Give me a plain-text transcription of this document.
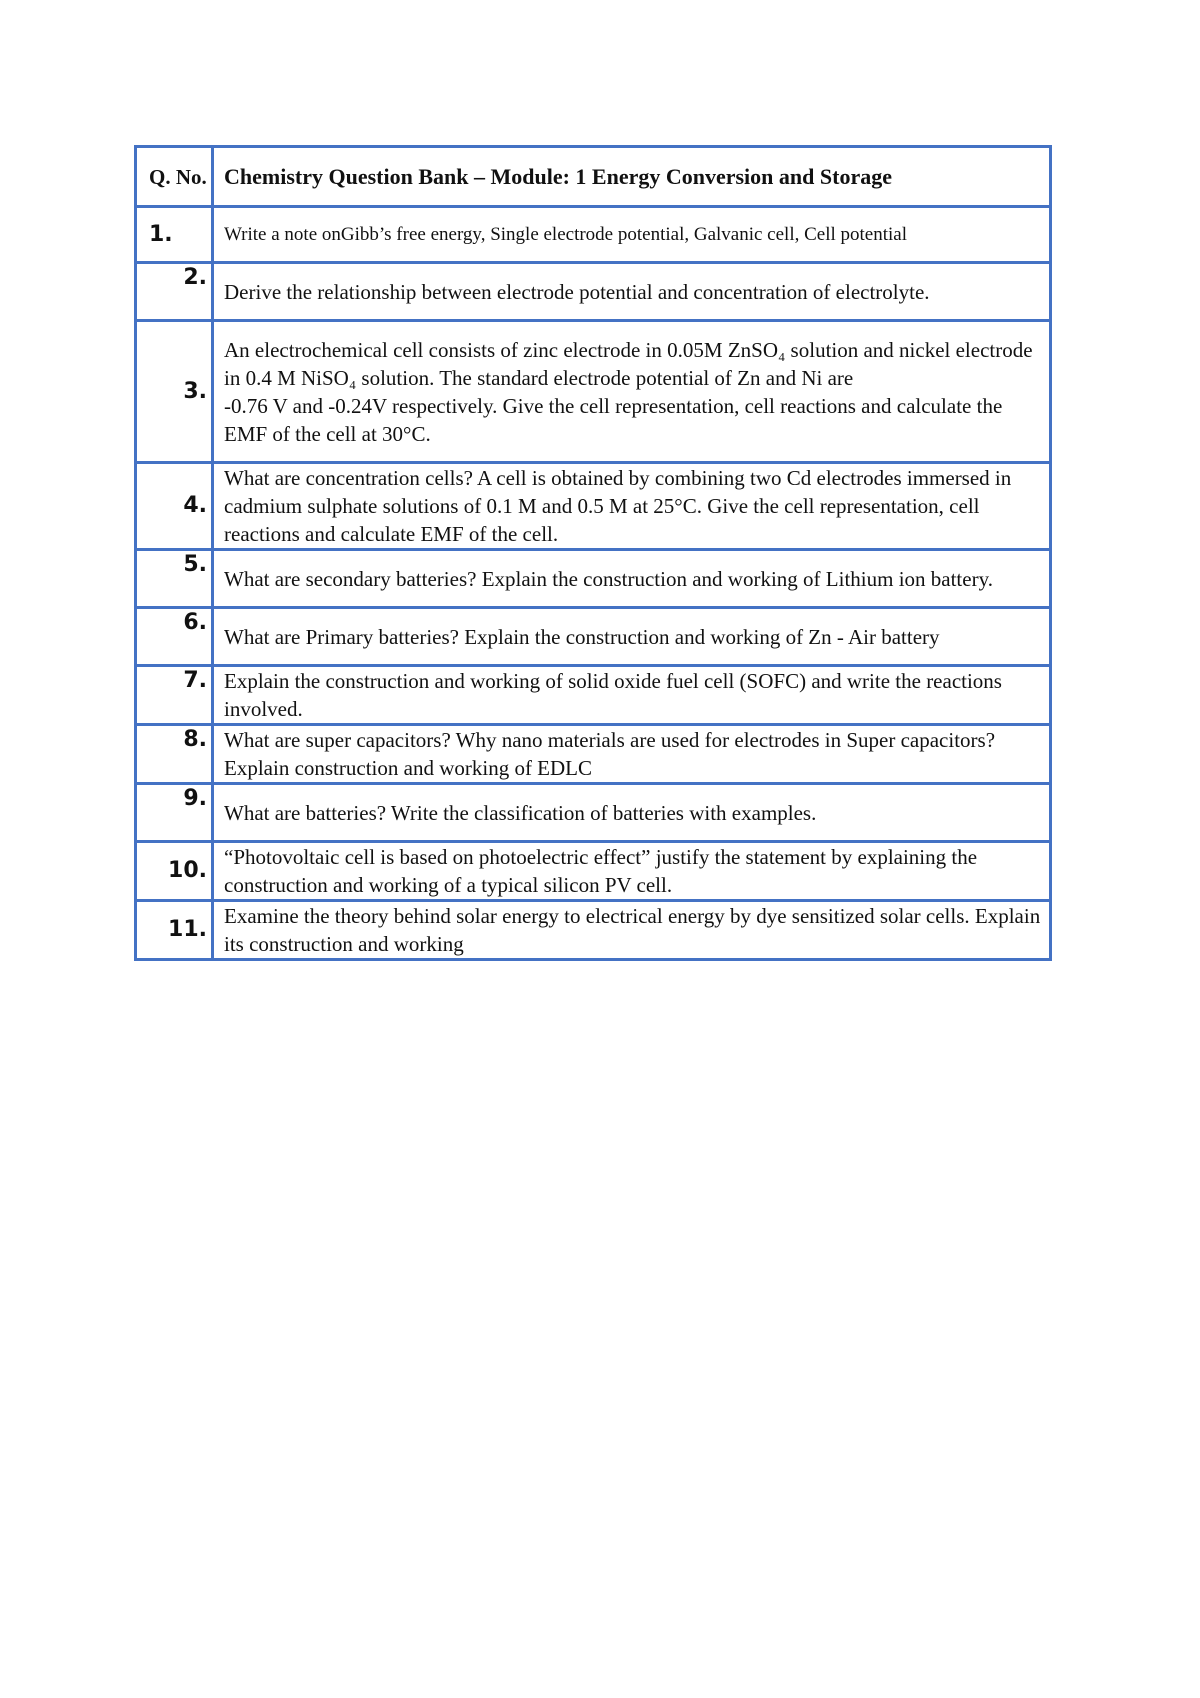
Q. No.	Chemistry Question Bank – Module: 1 Energy Conversion and Storage
1.	Write a note onGibb’s free energy, Single electrode potential, Galvanic cell, Cell potential
2.	Derive the relationship between electrode potential and concentration of electrolyte.
3.	An electrochemical cell consists of zinc electrode in 0.05M ZnSO₄ solution and nickel electrode in 0.4 M NiSO₄ solution. The standard electrode potential of Zn and Ni are
-0.76 V and -0.24V respectively. Give the cell representation, cell reactions and calculate the EMF of the cell at 30°C.

4.	What are concentration cells? A cell is obtained by combining two Cd electrodes immersed in cadmium sulphate solutions of 0.1 M and 0.5 M at 25°C. Give the cell representation, cell reactions and calculate EMF of the cell.
5.	What are secondary batteries? Explain the construction and working of Lithium ion battery.
6.	What are Primary batteries? Explain the construction and working of Zn - Air battery
7.	Explain the construction and working of solid oxide fuel cell (SOFC) and write the reactions involved.
8.	What are super capacitors? Why nano materials are used for electrodes in Super capacitors? Explain construction and working of EDLC
9.	What are batteries? Write the classification of batteries with examples.
10.	“Photovoltaic cell is based on photoelectric effect” justify the statement by explaining the construction and working of a typical silicon PV cell.
11.	Examine the theory behind solar energy to electrical energy by dye sensitized solar cells. Explain its construction and working
